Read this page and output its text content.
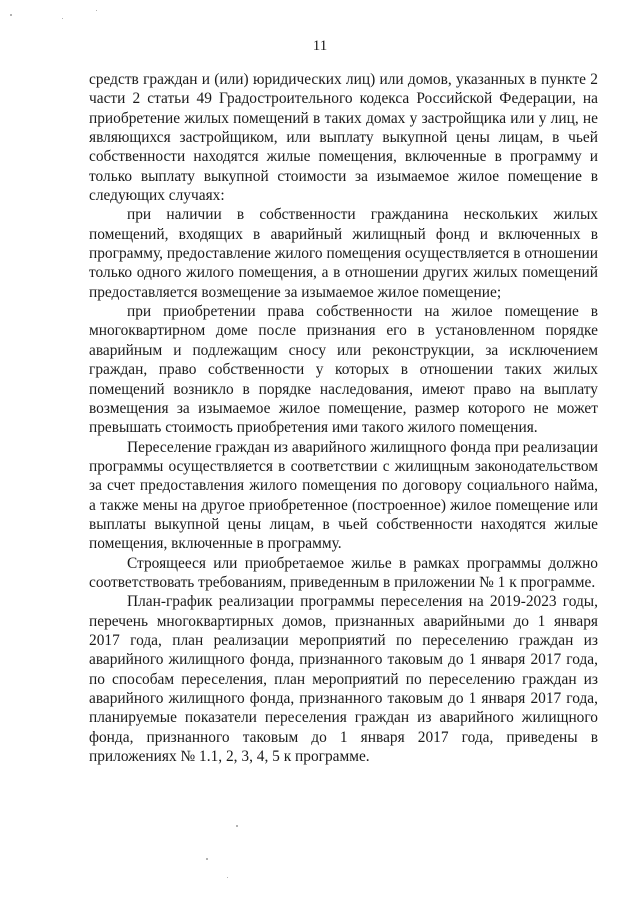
11

средств граждан и (или) юридических лиц) или домов, указанных в пункте 2 части 2 статьи 49 Градостроительного кодекса Российской Федерации, на приобретение жилых помещений в таких домах у застройщика или у лиц, не являющихся застройщиком, или выплату выкупной цены лицам, в чьей собственности находятся жилые помещения, включенные в программу и только выплату выкупной стоимости за изымаемое жилое помещение в следующих случаях:

при наличии в собственности гражданина нескольких жилых помещений, входящих в аварийный жилищный фонд и включенных в программу, предоставление жилого помещения осуществляется в отношении только одного жилого помещения, а в отношении других жилых помещений предоставляется возмещение за изымаемое жилое помещение;

при приобретении права собственности на жилое помещение в многоквартирном доме после признания его в установленном порядке аварийным и подлежащим сносу или реконструкции, за исключением граждан, право собственности у которых в отношении таких жилых помещений возникло в порядке наследования, имеют право на выплату возмещения за изымаемое жилое помещение, размер которого не может превышать стоимость приобретения ими такого жилого помещения.

Переселение граждан из аварийного жилищного фонда при реализации программы осуществляется в соответствии с жилищным законодательством за счет предоставления жилого помещения по договору социального найма, а также мены на другое приобретенное (построенное) жилое помещение или выплаты выкупной цены лицам, в чьей собственности находятся жилые помещения, включенные в программу.

Строящееся или приобретаемое жилье в рамках программы должно соответствовать требованиям, приведенным в приложении № 1 к программе.

План-график реализации программы переселения на 2019-2023 годы, перечень многоквартирных домов, признанных аварийными до 1 января 2017 года, план реализации мероприятий по переселению граждан из аварийного жилищного фонда, признанного таковым до 1 января 2017 года, по способам переселения, план мероприятий по переселению граждан из аварийного жилищного фонда, признанного таковым до 1 января 2017 года, планируемые показатели переселения граждан из аварийного жилищного фонда, признанного таковым до 1 января 2017 года, приведены в приложениях № 1.1, 2, 3, 4, 5 к программе.
